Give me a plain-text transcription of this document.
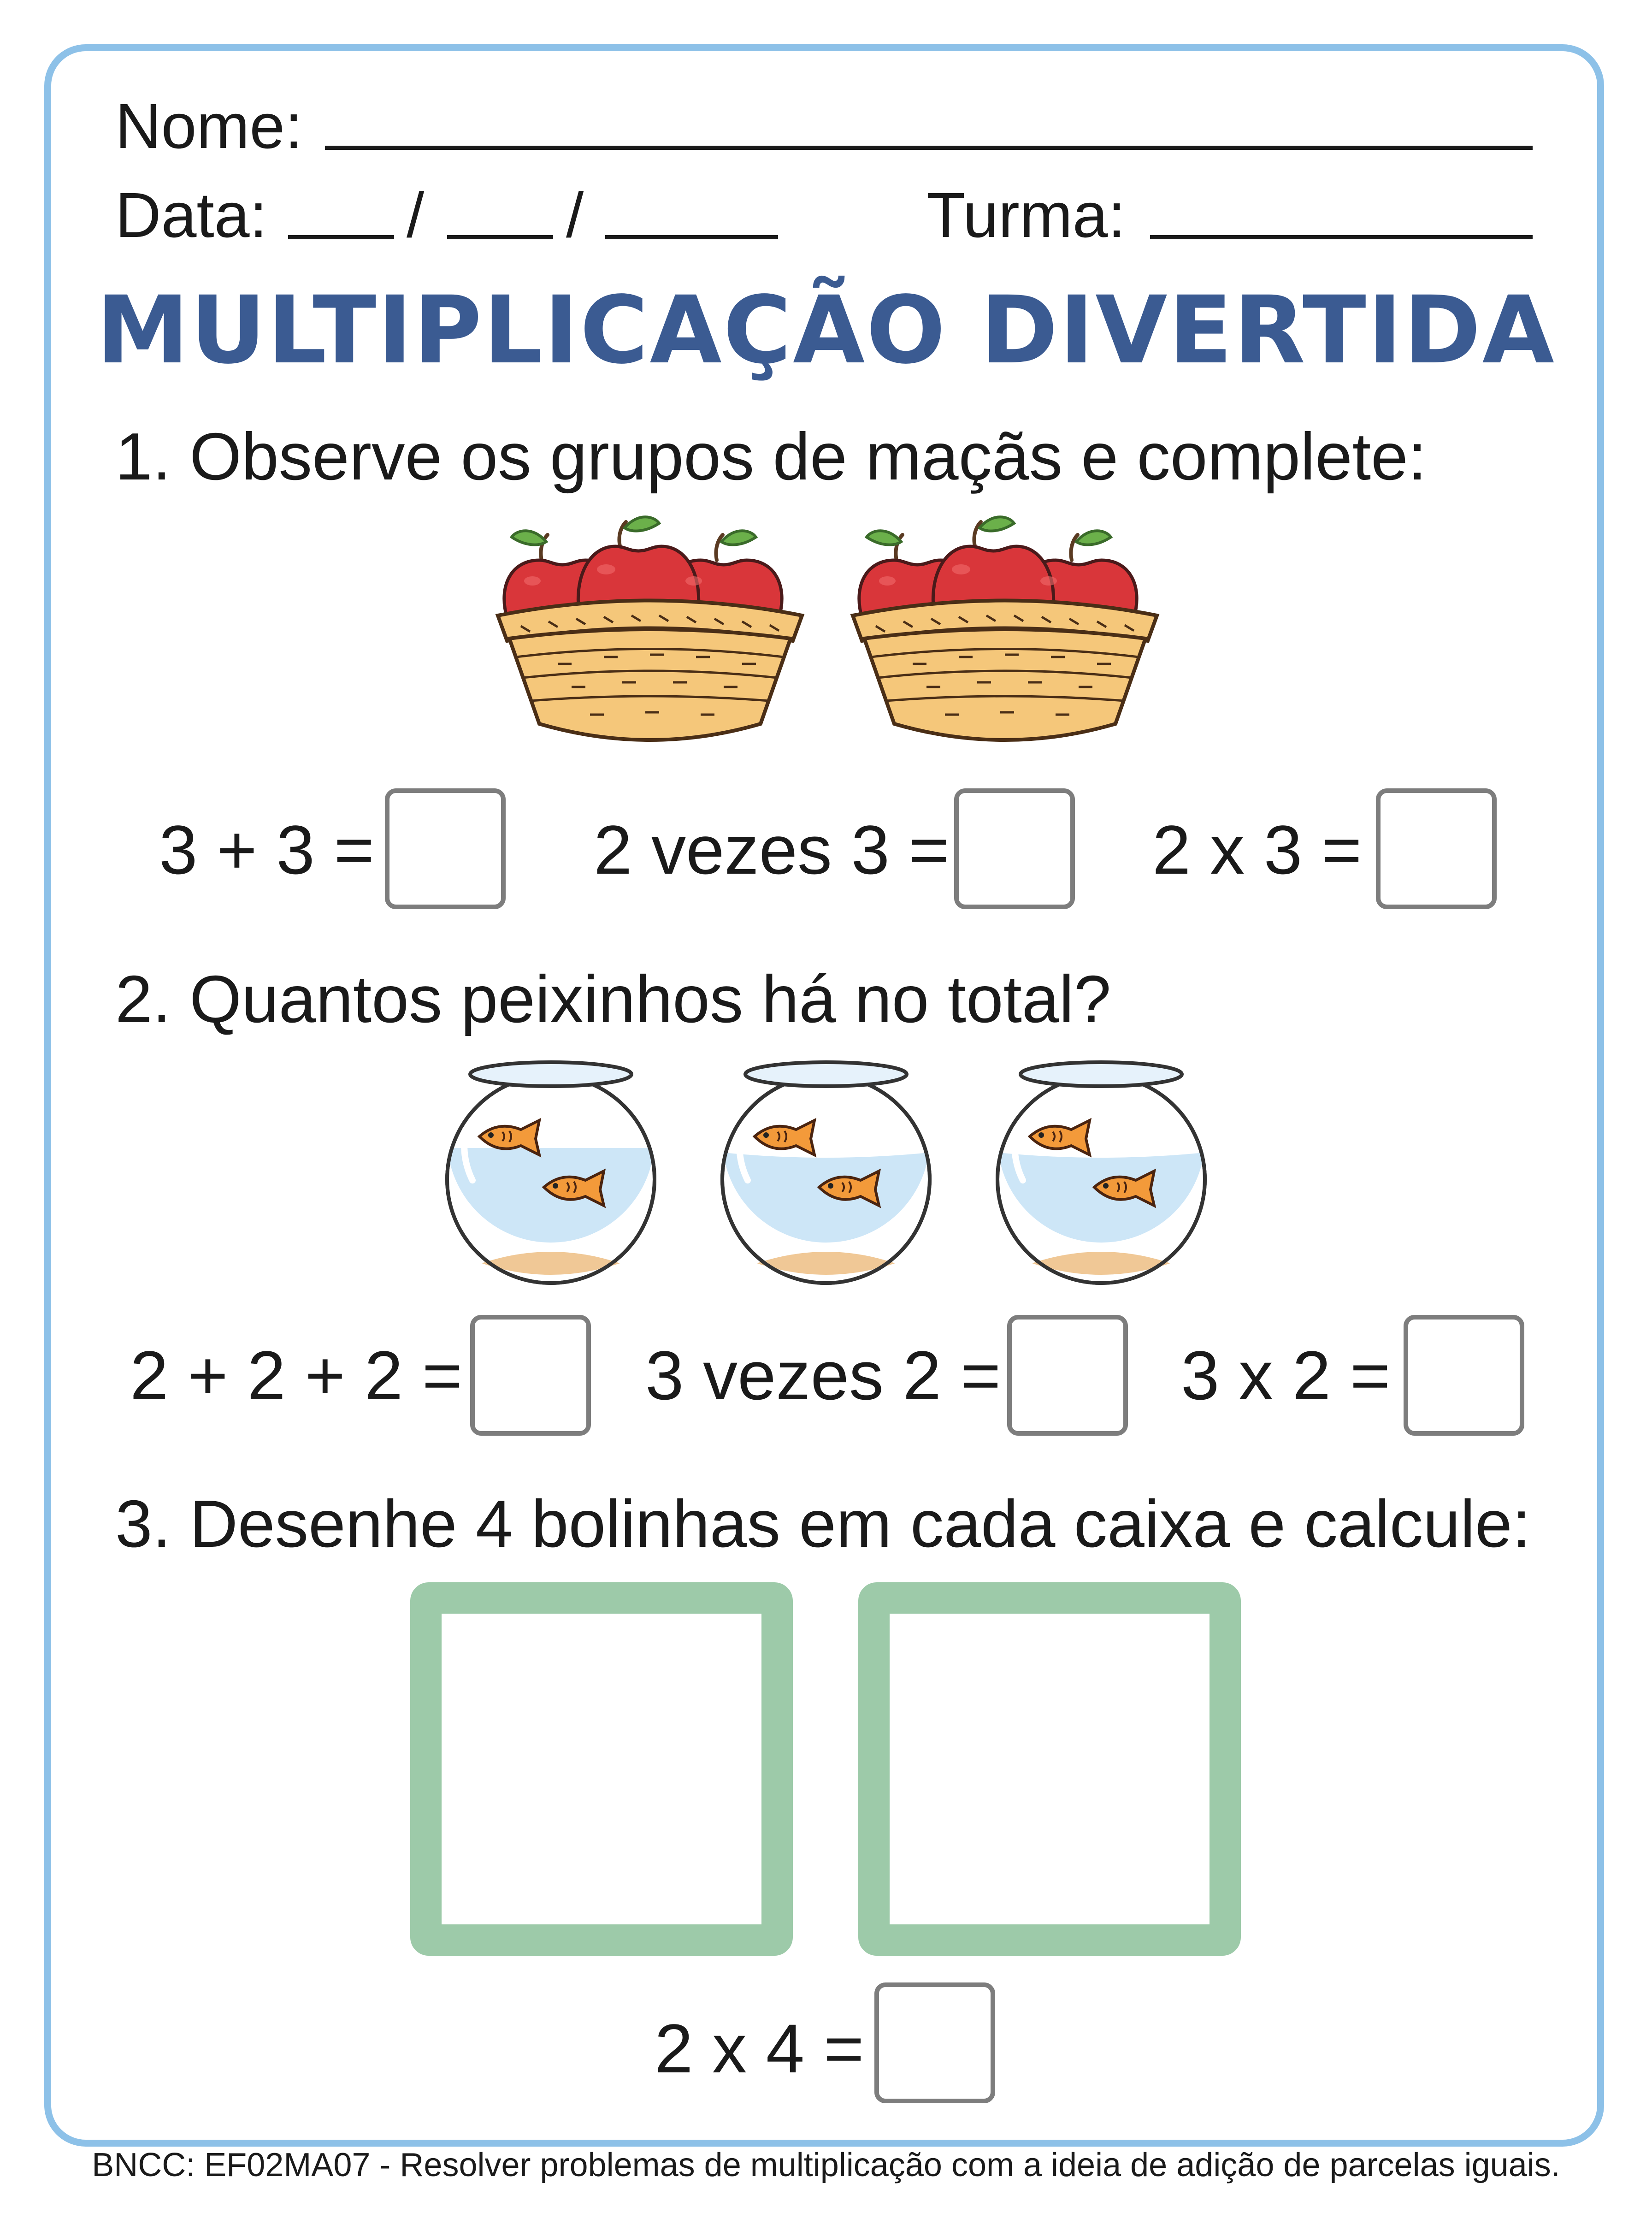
Nome:
Data: / /	Turma:
MULTIPLICAÇÃO DIVERTIDA
1. Observe os grupos de maçãs e complete:
3 + 3 =	2 vezes 3 =	2 x 3 =
2. Quantos peixinhos há no total?
2 + 2 + 2 =	3 vezes 2 =	3 x 2 =
3. Desenhe 4 bolinhas em cada caixa e calcule:
2 x 4 =
BNCC: EF02MA07 - Resolver problemas de multiplicação com a ideia de adição de parcelas iguais.
